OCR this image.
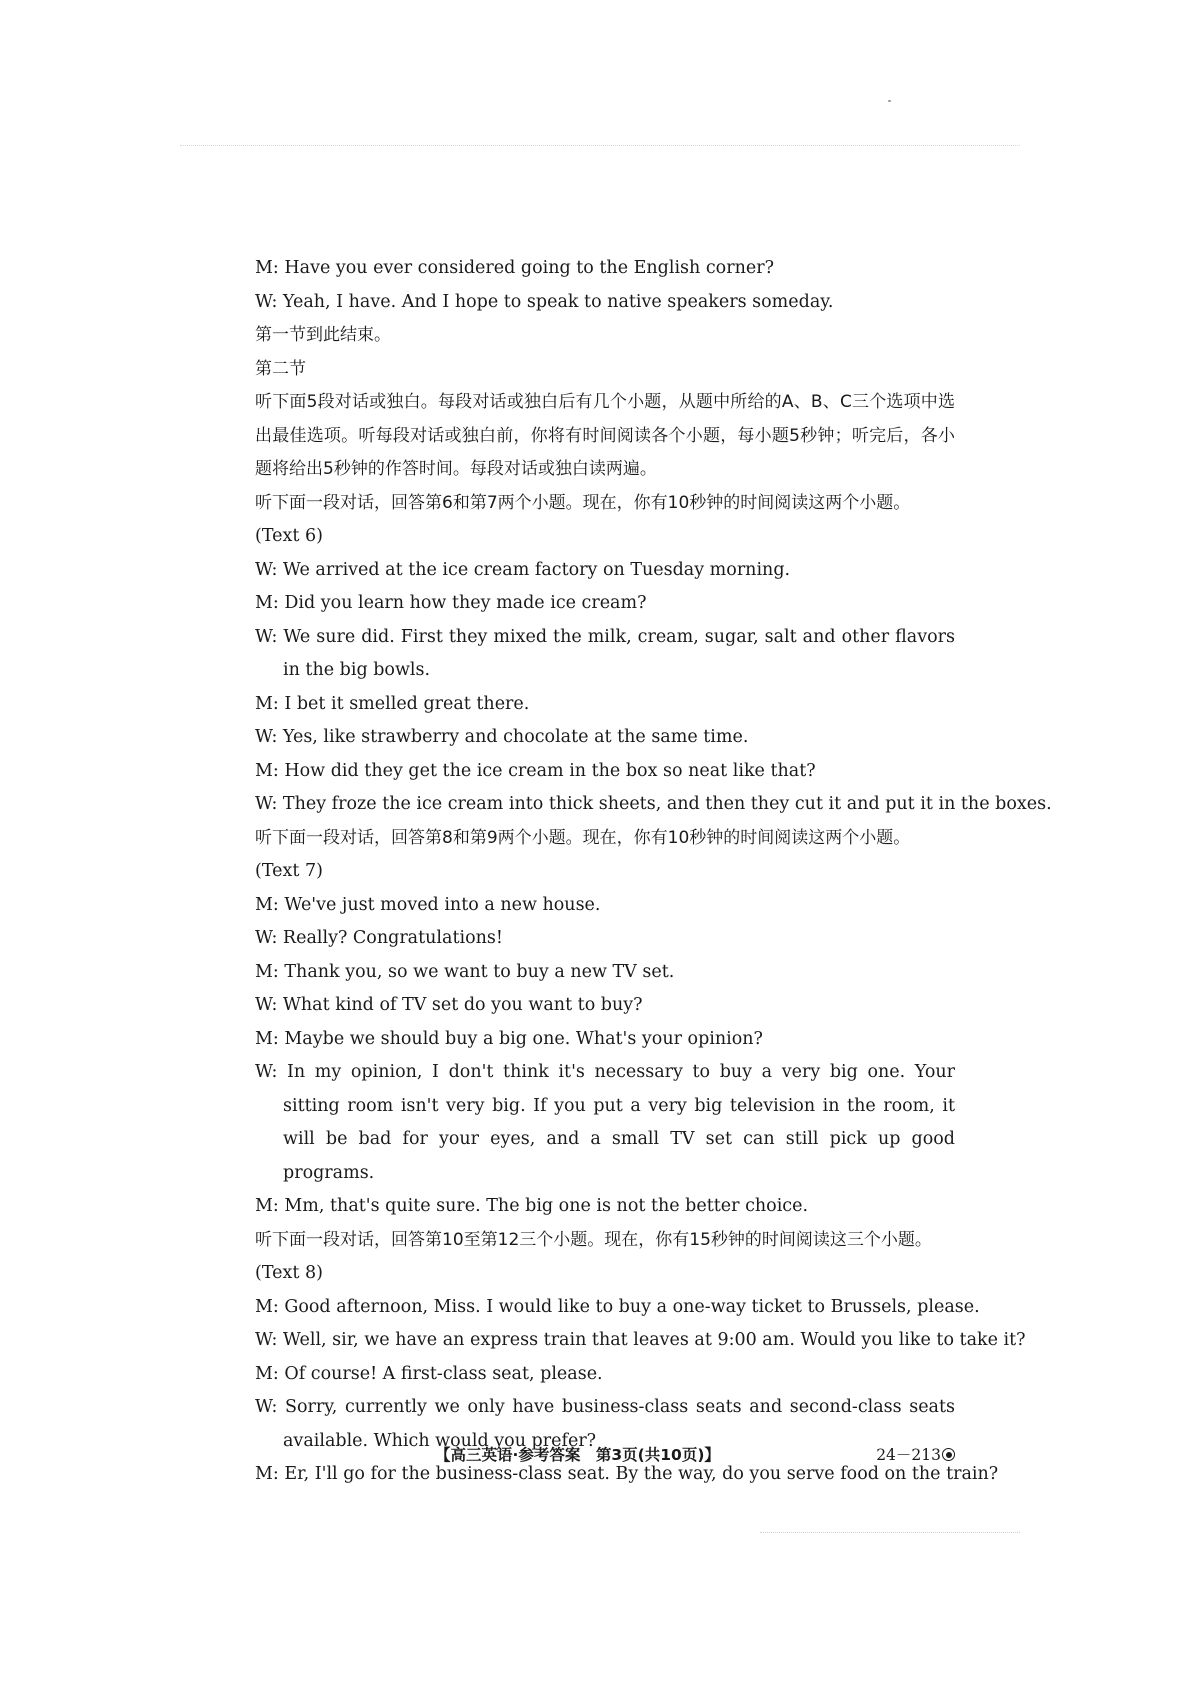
M: Have you ever considered going to the English corner?
W: Yeah, I have. And I hope to speak to native speakers someday.
第一节到此结束。
第二节
听下面5段对话或独白。每段对话或独白后有几个小题，从题中所给的A、B、C三个选项中选出最佳选项。听每段对话或独白前，你将有时间阅读各个小题，每小题5秒钟；听完后，各小题将给出5秒钟的作答时间。每段对话或独白读两遍。
听下面一段对话，回答第6和第7两个小题。现在，你有10秒钟的时间阅读这两个小题。
(Text 6)
W: We arrived at the ice cream factory on Tuesday morning.
M: Did you learn how they made ice cream?
W: We sure did. First they mixed the milk, cream, sugar, salt and other flavors in the big bowls.
M: I bet it smelled great there.
W: Yes, like strawberry and chocolate at the same time.
M: How did they get the ice cream in the box so neat like that?
W: They froze the ice cream into thick sheets, and then they cut it and put it in the boxes.
听下面一段对话，回答第8和第9两个小题。现在，你有10秒钟的时间阅读这两个小题。
(Text 7)
M: We've just moved into a new house.
W: Really? Congratulations!
M: Thank you, so we want to buy a new TV set.
W: What kind of TV set do you want to buy?
M: Maybe we should buy a big one. What's your opinion?
W: In my opinion, I don't think it's necessary to buy a very big one. Your sitting room isn't very big. If you put a very big television in the room, it will be bad for your eyes, and a small TV set can still pick up good programs.
M: Mm, that's quite sure. The big one is not the better choice.
听下面一段对话，回答第10至第12三个小题。现在，你有15秒钟的时间阅读这三个小题。
(Text 8)
M: Good afternoon, Miss. I would like to buy a one-way ticket to Brussels, please.
W: Well, sir, we have an express train that leaves at 9:00 am. Would you like to take it?
M: Of course! A first-class seat, please.
W: Sorry, currently we only have business-class seats and second-class seats available. Which would you prefer?
M: Er, I'll go for the business-class seat. By the way, do you serve food on the train?
【高三英语·参考答案　第3页(共10页)】	24－213
